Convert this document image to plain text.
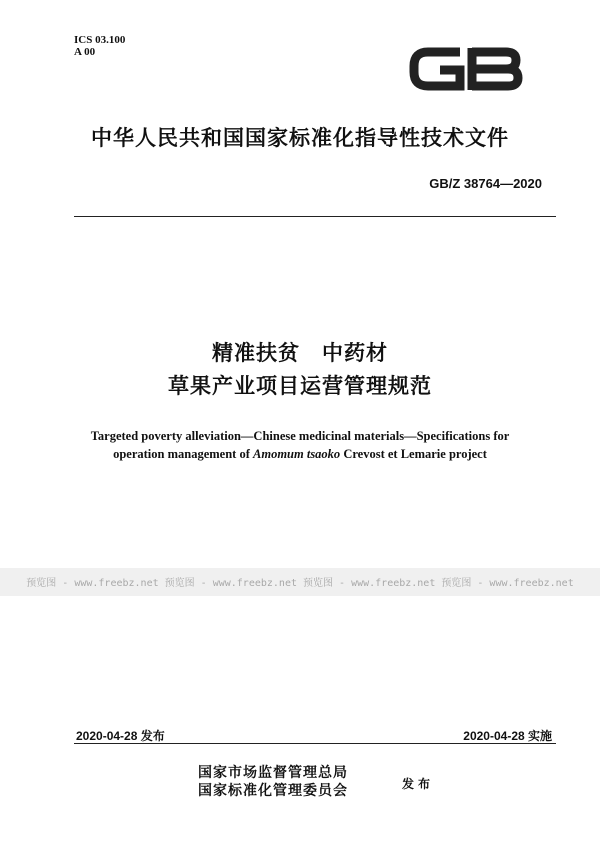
ICS 03.100
A 00
中华人民共和国国家标准化指导性技术文件
GB/Z 38764—2020
精准扶贫　中药材
草果产业项目运营管理规范
Targeted poverty alleviation—Chinese medicinal materials—Specifications for
operation management of Amomum tsaoko Crevost et Lemarie project
预览图 - www.freebz.net 预览图 - www.freebz.net 预览图 - www.freebz.net 预览图 - www.freebz.net
2020-04-28 发布	2020-04-28 实施
国家市场监督管理总局
国家标准化管理委员会	发布
